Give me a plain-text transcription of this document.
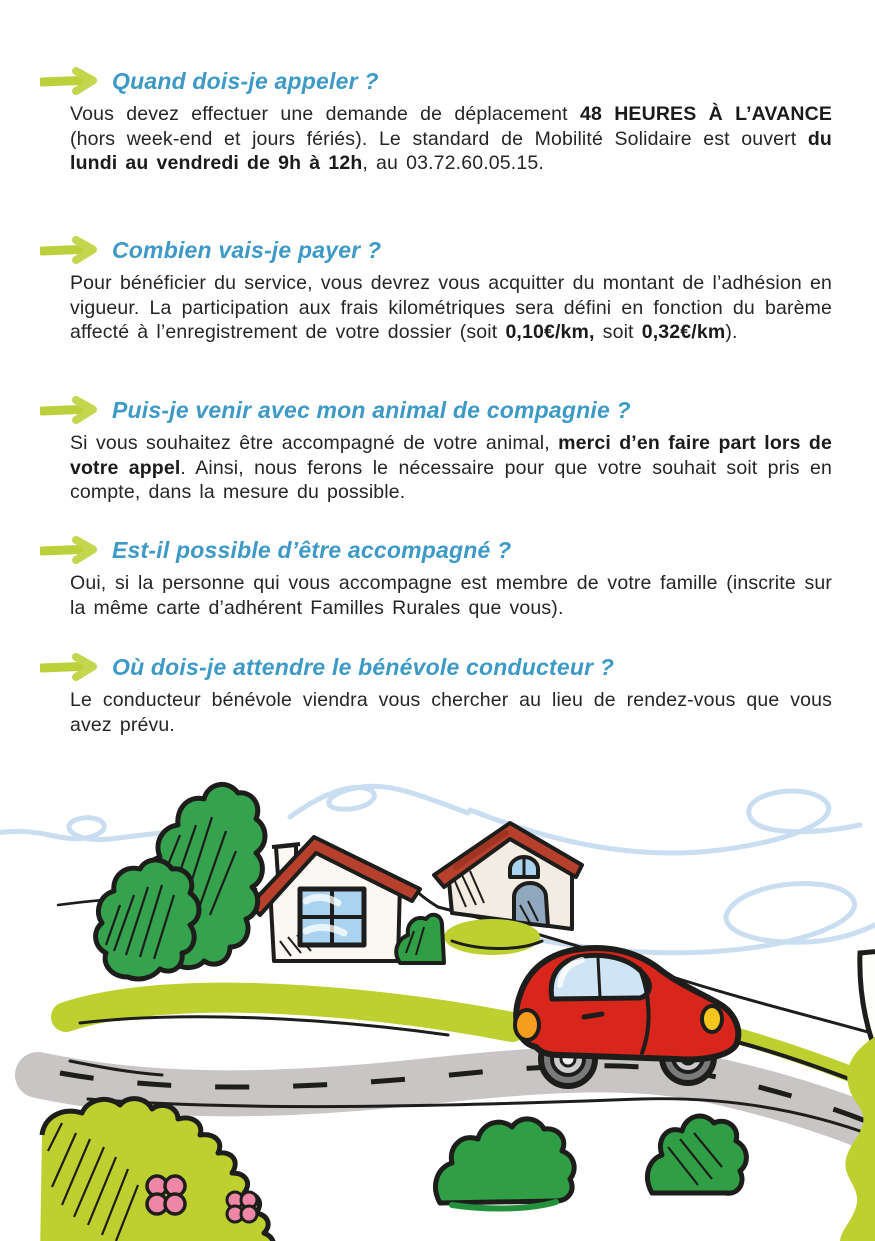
Quand dois-je appeler ?

Vous devez effectuer une demande de déplacement 48 HEURES À L’AVANCE (hors week-end et jours fériés). Le standard de Mobilité Solidaire est ouvert du lundi au vendredi de 9h à 12h, au 03.72.60.05.15.

Combien vais-je payer ?

Pour bénéficier du service, vous devrez vous acquitter du montant de l’adhésion en vigueur. La participation aux frais kilométriques sera défini en fonction du barème affecté à l’enregistrement de votre dossier (soit 0,10€/km, soit 0,32€/km).

Puis-je venir avec mon animal de compagnie ?

Si vous souhaitez être accompagné de votre animal, merci d’en faire part lors de votre appel. Ainsi, nous ferons le nécessaire pour que votre souhait soit pris en compte, dans la mesure du possible.

Est-il possible d’être accompagné ?

Oui, si la personne qui vous accompagne est membre de votre famille (inscrite sur la même carte d’adhérent Familles Rurales que vous).

Où dois-je attendre le bénévole conducteur ?

Le conducteur bénévole viendra vous chercher au lieu de rendez-vous que vous avez prévu.
